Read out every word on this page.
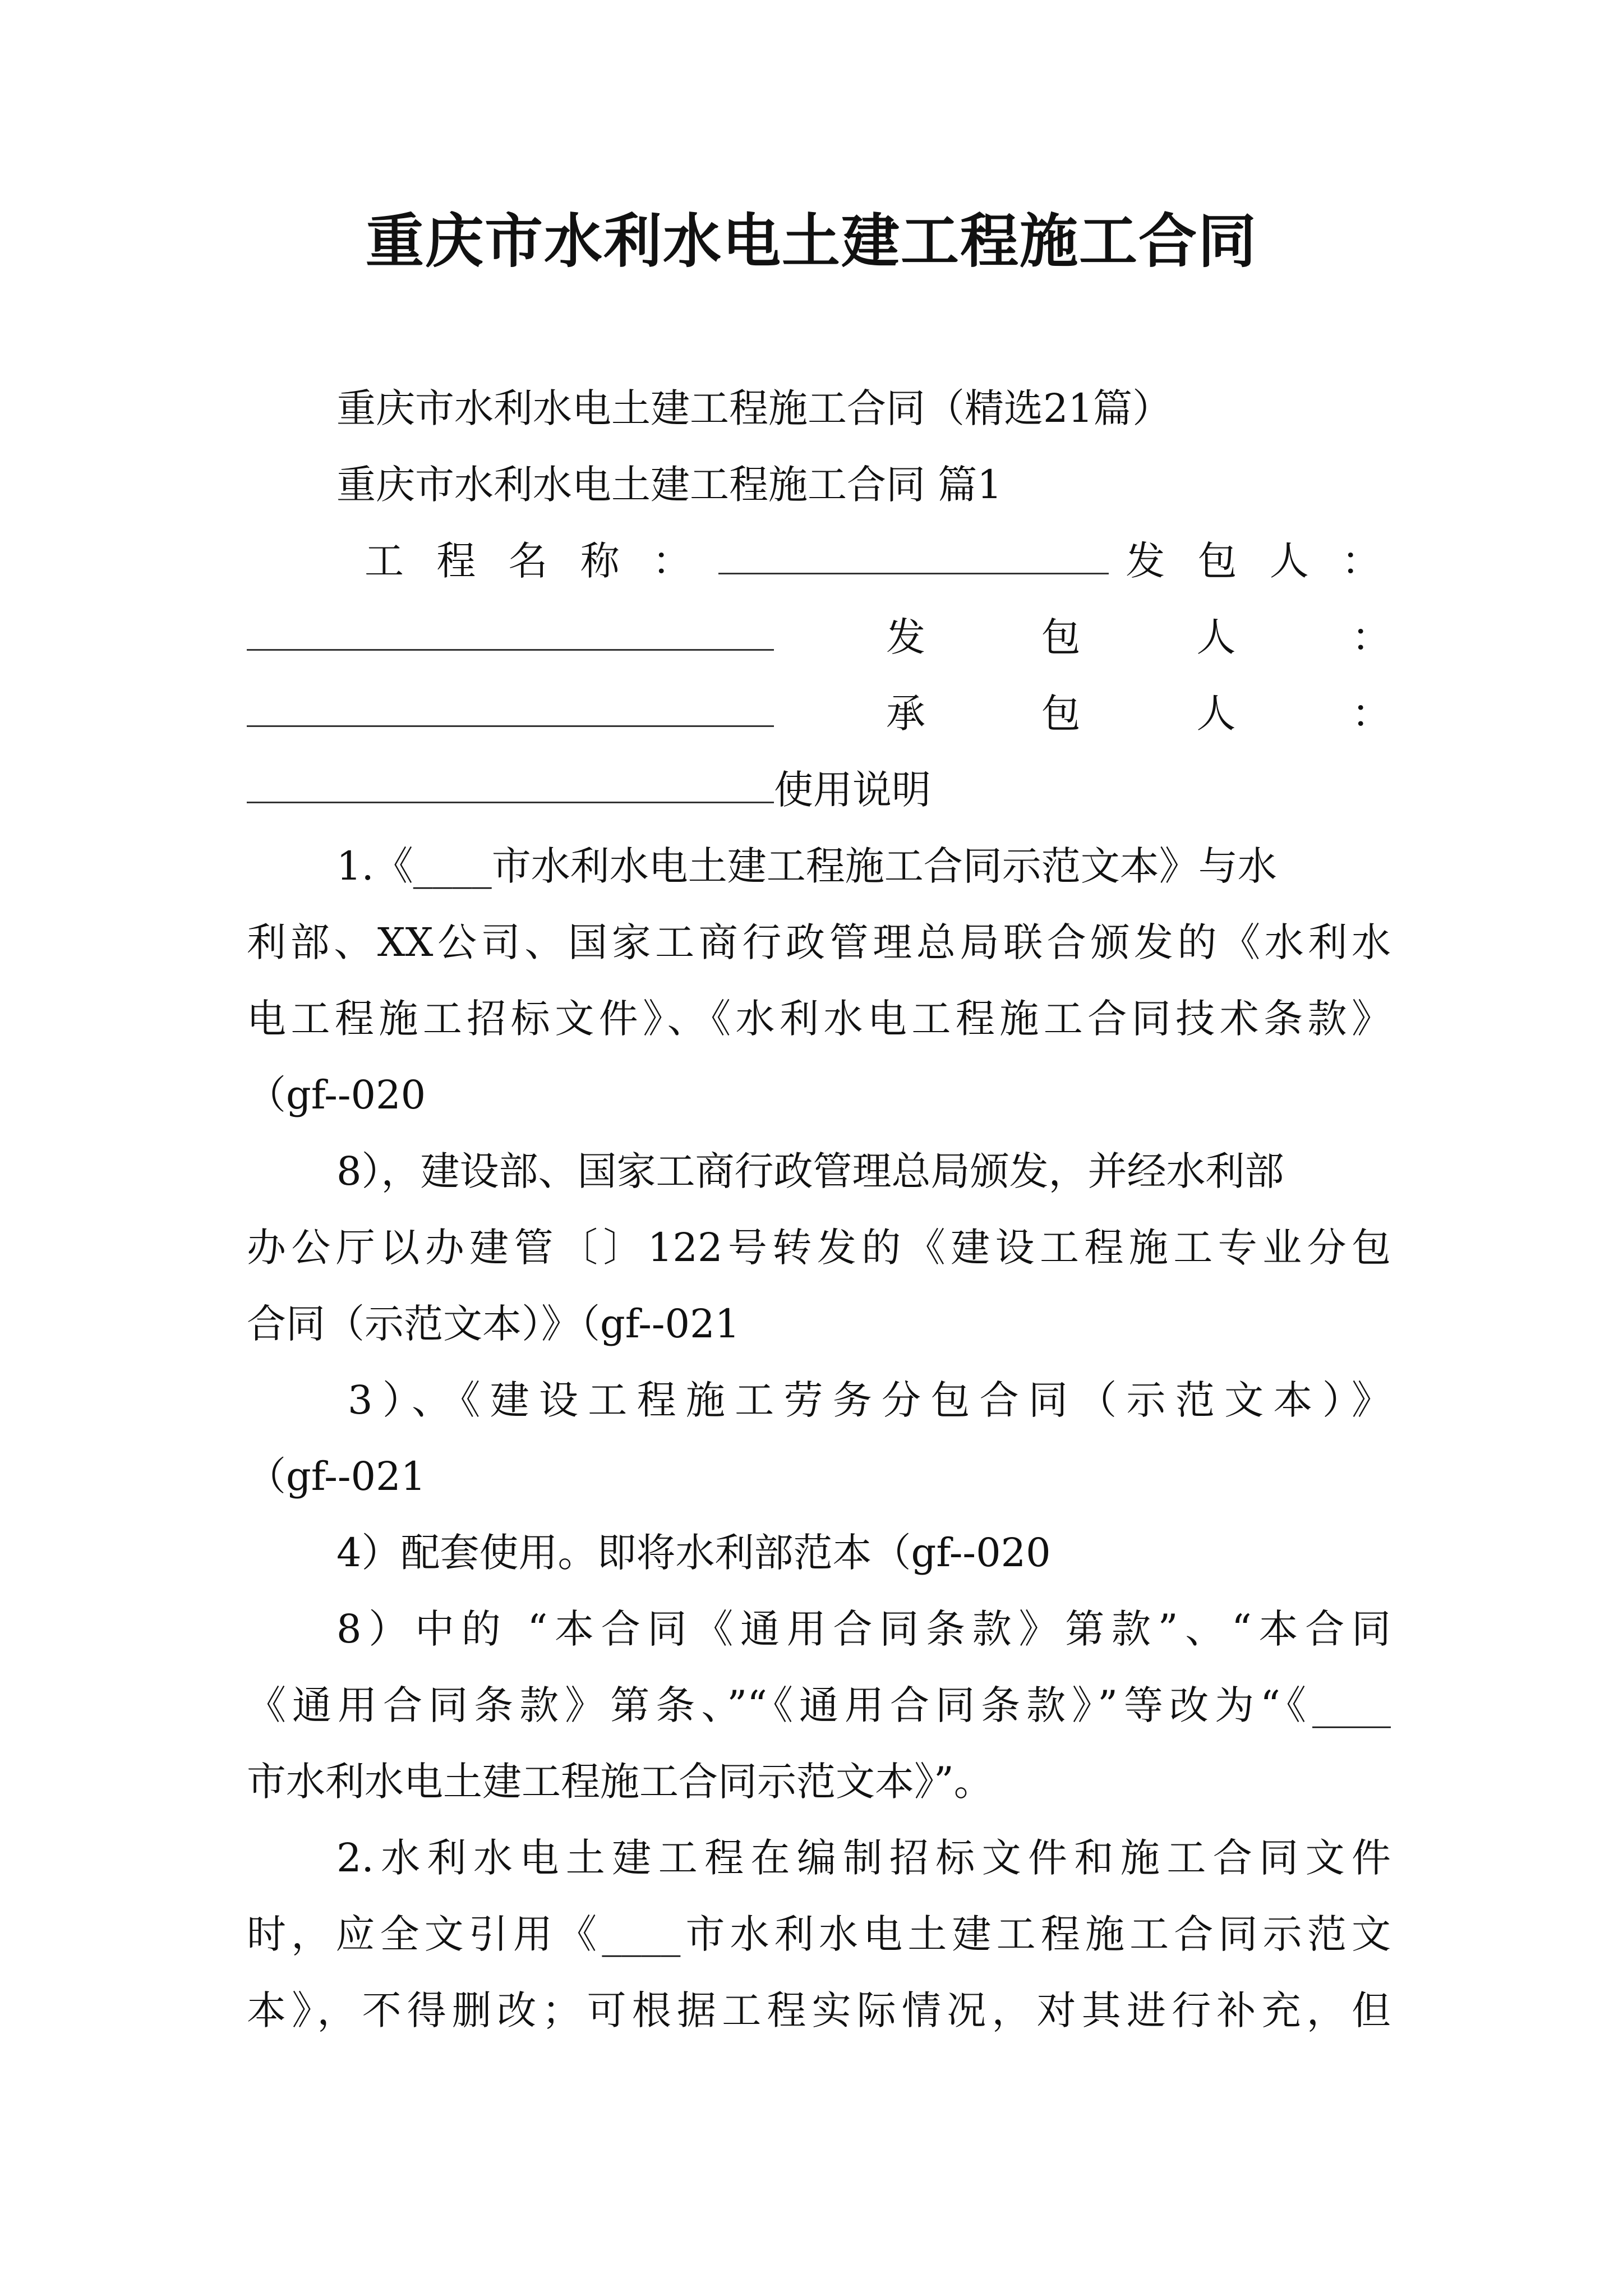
重庆市水利水电土建工程施工合同
重庆市水利水电土建工程施工合同（精选21篇）
重庆市水利水电土建工程施工合同 篇1
工 程 名 称 ：	发 包 人 ：
发	包	人	：
承	包	人	：
使用说明
1.《____市水利水电土建工程施工合同示范文本》与水
利部、XX公司、国家工商行政管理总局联合颁发的《水利水
电工程施工招标文件》、《水利水电工程施工合同技术条款》
（gf--020
8），建设部、国家工商行政管理总局颁发，并经水利部
办公厅以办建管〔〕122号转发的《建设工程施工专业分包
合同（示范文本）》（gf--021
3）、《建设工程施工劳务分包合同（示范文本）》
（gf--021
4）配套使用。即将水利部范本（gf--020
8）中的 “本合同《通用合同条款》第款”、“本合同
《通用合同条款》第条、”“《通用合同条款》”等改为“《____
市水利水电土建工程施工合同示范文本》”。
2.水利水电土建工程在编制招标文件和施工合同文件
时，应全文引用《____市水利水电土建工程施工合同示范文
本》，不得删改；可根据工程实际情况，对其进行补充，但
